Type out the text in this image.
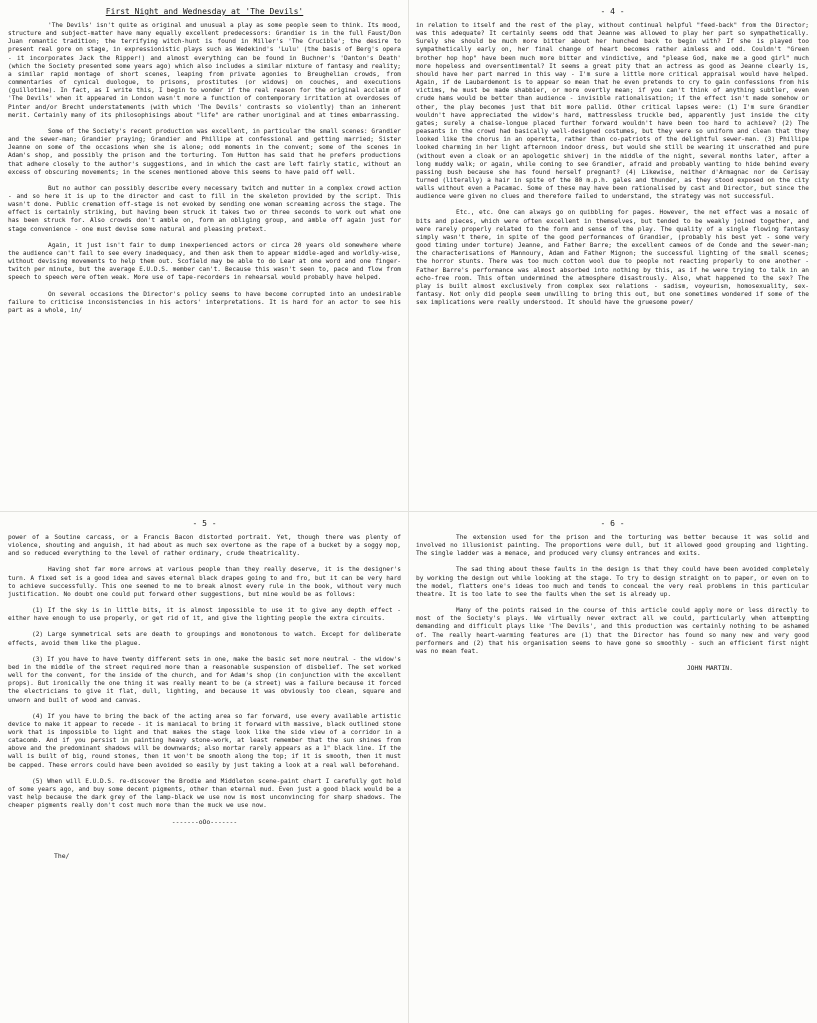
First Night and Wednesday at 'The Devils'

'The Devils' isn't quite as original and unusual a play as some people seem to think. Its mood, structure and subject-matter have many equally excellent predecessors: Grandier is in the full Faust/Don Juan romantic tradition; the terrifying witch-hunt is found in Miller's 'The Crucible'; the desire to present real gore on stage, in expressionistic plays such as Wedekind's 'Lulu' (the basis of Berg's opera - it incorporates Jack the Ripper!) and almost everything can be found in Buchner's 'Danton's Death' (which the Society presented some years ago) which also includes a similar mixture of fantasy and reality; a similar rapid montage of short scenes, leaping from private agonies to Breughelian crowds, from commentaries of cynical duologue, to prisons, prostitutes (or widows) on couches, and executions (guillotine). In fact, as I write this, I begin to wonder if the real reason for the original acclaim of 'The Devils' when it appeared in London wasn't more a function of contemporary irritation at overdoses of Pinter and/or Brecht understatements (with which 'The Devils' contrasts so violently) than an inherent merit. Certainly many of its philosophisings about "life" are rather unoriginal and at times embarrassing.

Some of the Society's recent production was excellent, in particular the small scenes: Grandier and the sewer-man; Grandier praying; Grandier and Phillipe at confessional and getting married; Sister Jeanne on some of the occasions when she is alone; odd moments in the convent; some of the scenes in Adam's shop, and possibly the prison and the torturing. Tom Hutton has said that he prefers productions that adhere closely to the author's suggestions, and in which the cast are left fairly static, without an excess of obscuring movements; in the scenes mentioned above this seems to have paid off well.

But no author can possibly describe every necessary twitch and mutter in a complex crowd action - and so here it is up to the director and cast to fill in the skeleton provided by the script. This wasn't done. Public cremation off-stage is not evoked by sending one woman screaming across the stage. The effect is certainly striking, but having been struck it takes two or three seconds to work out what one has been struck for. Also crowds don't amble on, form an obliging group, and amble off again just for stage convenience - one must devise some natural and pleasing pretext.

Again, it just isn't fair to dump inexperienced actors or circa 20 years old somewhere where the audience can't fail to see every inadequacy, and then ask them to appear middle-aged and worldly-wise, without devising movements to help them out. Scofield may be able to do Lear at one word and one finger-twitch per minute, but the average E.U.D.S. member can't. Because this wasn't seen to, pace and flow from speech to speech were often weak. More use of tape-recorders in rehearsal would probably have helped.

On several occasions the Director's policy seems to have become corrupted into an undesirable failure to criticise inconsistencies in his actors' interpretations. It is hard for an actor to see his part as a whole, in/

- 4 -

in relation to itself and the rest of the play, without continual helpful "feed-back" from the Director; was this adequate? It certainly seems odd that Jeanne was allowed to play her part so sympathetically. Surely she should be much more bitter about her hunched back to begin with? If she is played too sympathetically early on, her final change of heart becomes rather aimless and odd. Couldn't "Green brother hop hop" have been much more bitter and vindictive, and "please God, make me a good girl" much more hopeless and oversentimental? It seems a great pity that an actress as good as Jeanne clearly is, should have her part marred in this way - I'm sure a little more critical appraisal would have helped. Again, if de Laubardemont is to appear so mean that he even pretends to cry to gain confessions from his victims, he must be made shabbier, or more overtly mean; if you can't think of anything subtler, even crude hams would be better than audience - invisible rationalisation; if the effect isn't made somehow or other, the play becomes just that bit more pallid. Other critical lapses were: (1) I'm sure Grandier wouldn't have appreciated the widow's hard, mattressless truckle bed, apparently just inside the city gates; surely a chaise-longue placed further forward wouldn't have been too hard to achieve? (2) The peasants in the crowd had basically well-designed costumes, but they were so uniform and clean that they looked like the chorus in an operetta, rather than co-patriots of the delightful sewer-man. (3) Phillipe looked charming in her light afternoon indoor dress, but would she still be wearing it unscrathed and pure (without even a cloak or an apologetic shiver) in the middle of the night, several months later, after a long muddy walk; or again, while coming to see Grandier, afraid and probably wanting to hide behind every passing bush because she has found herself pregnant? (4) Likewise, neither d'Armagnac nor de Cerisay turned (literally) a hair in spite of the 80 m.p.h. gales and thunder, as they stood exposed on the city walls without even a Pacamac. Some of these may have been rationalised by cast and Director, but since the audience were given no clues and therefore failed to understand, the strategy was not successful.

Etc., etc. One can always go on quibbling for pages. However, the net effect was a mosaic of bits and pieces, which were often excellent in themselves, but tended to be weakly joined together, and were rarely properly related to the form and sense of the play. The quality of a single flowing fantasy simply wasn't there, in spite of the good performances of Grandier, (probably his best yet - some very good timing under torture) Jeanne, and Father Barre; the excellent cameos of de Conde and the sewer-man; the characterisations of Mannoury, Adam and Father Mignon; the successful lighting of the small scenes; the horror stunts. There was too much cotton wool due to people not reacting properly to one another - Father Barre's performance was almost absorbed into nothing by this, as if he were trying to talk in an echo-free room. This often undermined the atmosphere disastrously. Also, what happened to the sex? The play is built almost exclusively from complex sex relations - sadism, voyeurism, homosexuality, sex-fantasy. Not only did people seem unwilling to bring this out, but one sometimes wondered if some of the sex implications were really understood. It should have the gruesome power/

- 5 -

power of a Soutine carcass, or a Francis Bacon distorted portrait. Yet, though there was plenty of violence, shouting and anguish, it had about as much sex overtone as the rape of a bucket by a soggy mop, and so reduced everything to the level of rather ordinary, crude theatricality.

Having shot far more arrows at various people than they really deserve, it is the designer's turn. A fixed set is a good idea and saves eternal black drapes going to and fro, but it can be very hard to achieve successfully. This one seemed to me to break almost every rule in the book, without very much justification. No doubt one could put forward other suggestions, but mine would be as follows:

(1) If the sky is in little bits, it is almost impossible to use it to give any depth effect - either have enough to use properly, or get rid of it, and give the lighting people the extra circuits.

(2) Large symmetrical sets are death to groupings and monotonous to watch. Except for deliberate effects, avoid them like the plague.

(3) If you have to have twenty different sets in one, make the basic set more neutral - the widow's bed in the middle of the street required more than a reasonable suspension of disbelief. The set worked well for the convent, for the inside of the church, and for Adam's shop (in conjunction with the excellent props). But ironically the one thing it was really meant to be (a street) was a failure because it forced the electricians to give it flat, dull, lighting, and because it was obviously too clean, square and unworn and built of wood and canvas.

(4) If you have to bring the back of the acting area so far forward, use every available artistic device to make it appear to recede - it is maniacal to bring it forward with massive, black outlined stone work that is impossible to light and that makes the stage look like the side view of a corridor in a catacomb. And if you persist in painting heavy stone-work, at least remember that the sun shines from above and the predominant shadows will be downwards; also mortar rarely appears as a 1" black line. If the wall is built of big, round stones, then it won't be smooth along the top; if it is smooth, then it must be capped. These errors could have been avoided so easily by just taking a look at a real wall beforehand.

(5) When will E.U.D.S. re-discover the Brodie and Middleton scene-paint chart I carefully got hold of some years ago, and buy some decent pigments, other than eternal mud. Even just a good black would be a vast help because the dark grey of the lamp-black we use now is most unconvincing for sharp shadows. The cheaper pigments really don't cost much more than the muck we use now.

-------oOo-------
The/
- 6 -

The extension used for the prison and the torturing was better because it was solid and involved no illusionist painting. The proportions were dull, but it allowed good grouping and lighting. The single ladder was a menace, and produced very clumsy entrances and exits.

The sad thing about these faults in the design is that they could have been avoided completely by working the design out while looking at the stage. To try to design straight on to paper, or even on to the model, flatters one's ideas too much and tends to conceal the very real problems in this particular theatre. It is too late to see the faults when the set is already up.

Many of the points raised in the course of this article could apply more or less directly to most of the Society's plays. We virtually never extract all we could, particularly when attempting demanding and difficult plays like 'The Devils', and this production was certainly nothing to be ashamed of. The really heart-warming features are (1) that the Director has found so many new and very good performers and (2) that his organisation seems to have gone so smoothly - such an efficient first night was no mean feat.

JOHN MARTIN.
